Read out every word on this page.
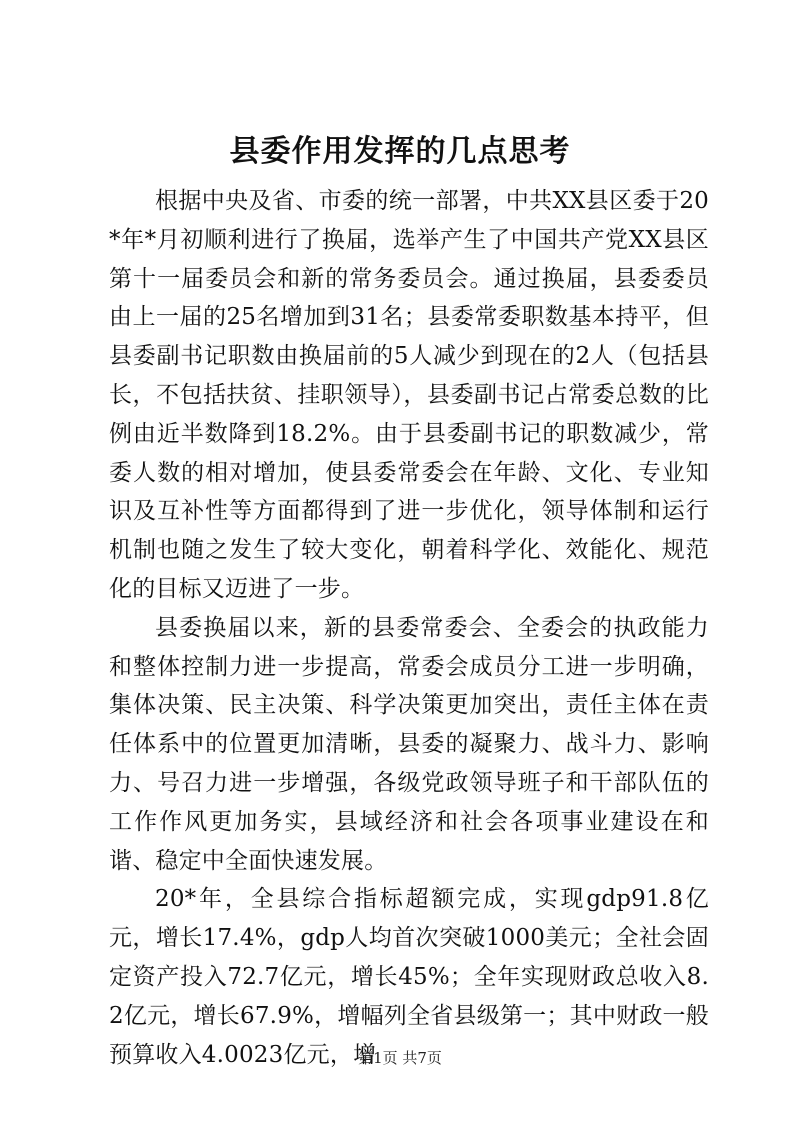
县委作用发挥的几点思考

根据中央及省、市委的统一部署，中共XX县区委于20*年*月初顺利进行了换届，选举产生了中国共产党XX县区第十一届委员会和新的常务委员会。通过换届，县委委员由上一届的25名增加到31名；县委常委职数基本持平，但县委副书记职数由换届前的5人减少到现在的2人（包括县长，不包括扶贫、挂职领导），县委副书记占常委总数的比例由近半数降到18.2%。由于县委副书记的职数减少，常委人数的相对增加，使县委常委会在年龄、文化、专业知识及互补性等方面都得到了进一步优化，领导体制和运行机制也随之发生了较大变化，朝着科学化、效能化、规范化的目标又迈进了一步。

县委换届以来，新的县委常委会、全委会的执政能力和整体控制力进一步提高，常委会成员分工进一步明确，集体决策、民主决策、科学决策更加突出，责任主体在责任体系中的位置更加清晰，县委的凝聚力、战斗力、影响力、号召力进一步增强，各级党政领导班子和干部队伍的工作作风更加务实，县域经济和社会各项事业建设在和谐、稳定中全面快速发展。

20*年，全县综合指标超额完成，实现gdp91.8亿元，增长17.4%，gdp人均首次突破1000美元；全社会固定资产投入72.7亿元，增长45%；全年实现财政总收入8.2亿元，增长67.9%，增幅列全省县级第一；其中财政一般预算收入4.0023亿元，增

第1页 共7页
